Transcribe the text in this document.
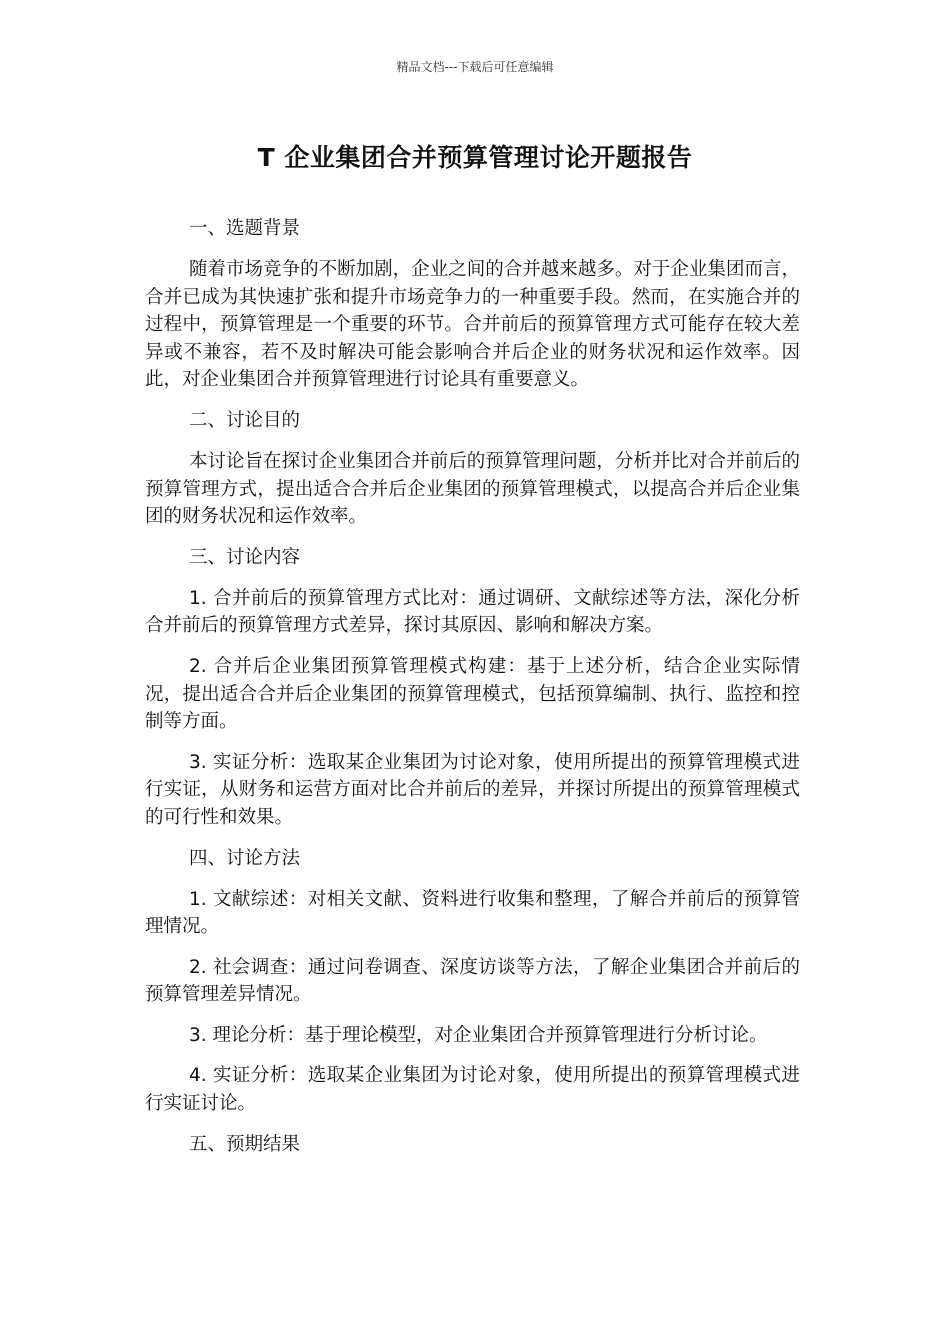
精品文档---下载后可任意编辑
T 企业集团合并预算管理讨论开题报告
一、选题背景

随着市场竞争的不断加剧，企业之间的合并越来越多。对于企业集团而言，合并已成为其快速扩张和提升市场竞争力的一种重要手段。然而，在实施合并的过程中，预算管理是一个重要的环节。合并前后的预算管理方式可能存在较大差异或不兼容，若不及时解决可能会影响合并后企业的财务状况和运作效率。因此，对企业集团合并预算管理进行讨论具有重要意义。

二、讨论目的

本讨论旨在探讨企业集团合并前后的预算管理问题，分析并比对合并前后的预算管理方式，提出适合合并后企业集团的预算管理模式，以提高合并后企业集团的财务状况和运作效率。

三、讨论内容

1. 合并前后的预算管理方式比对：通过调研、文献综述等方法，深化分析合并前后的预算管理方式差异，探讨其原因、影响和解决方案。

2. 合并后企业集团预算管理模式构建：基于上述分析，结合企业实际情况，提出适合合并后企业集团的预算管理模式，包括预算编制、执行、监控和控制等方面。

3. 实证分析：选取某企业集团为讨论对象，使用所提出的预算管理模式进行实证，从财务和运营方面对比合并前后的差异，并探讨所提出的预算管理模式的可行性和效果。

四、讨论方法

1. 文献综述：对相关文献、资料进行收集和整理，了解合并前后的预算管理情况。

2. 社会调查：通过问卷调查、深度访谈等方法，了解企业集团合并前后的预算管理差异情况。

3. 理论分析：基于理论模型，对企业集团合并预算管理进行分析讨论。

4. 实证分析：选取某企业集团为讨论对象，使用所提出的预算管理模式进行实证讨论。

五、预期结果
